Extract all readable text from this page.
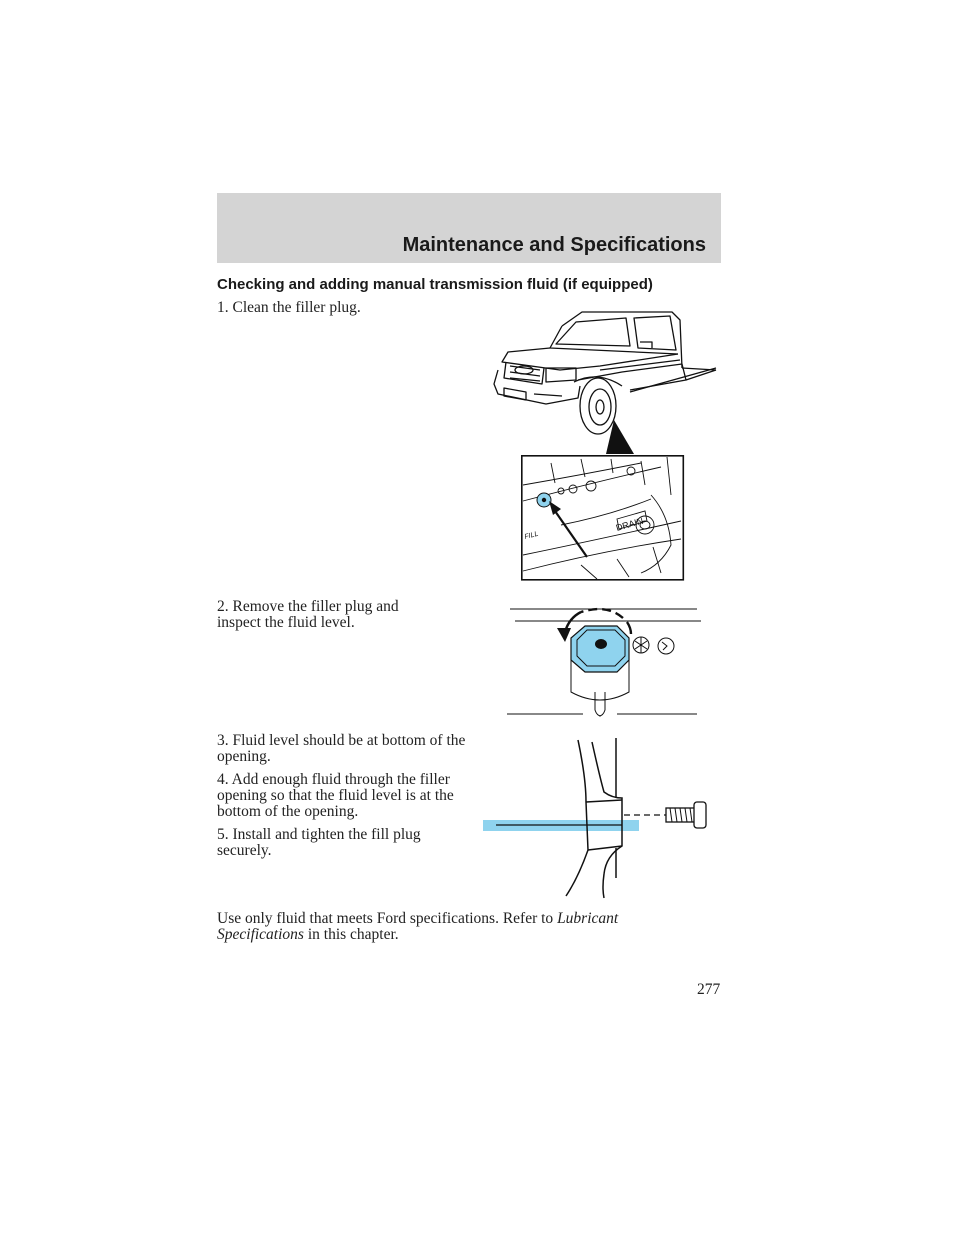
Maintenance and Specifications
Checking and adding manual transmission fluid (if equipped)
1. Clean the filler plug.
2. Remove the filler plug and inspect the fluid level.
3. Fluid level should be at bottom of the opening.
4. Add enough fluid through the filler opening so that the fluid level is at the bottom of the opening.
5. Install and tighten the fill plug securely.
Use only fluid that meets Ford specifications. Refer to Lubricant Specifications in this chapter.
277
FILL
DRAIN
